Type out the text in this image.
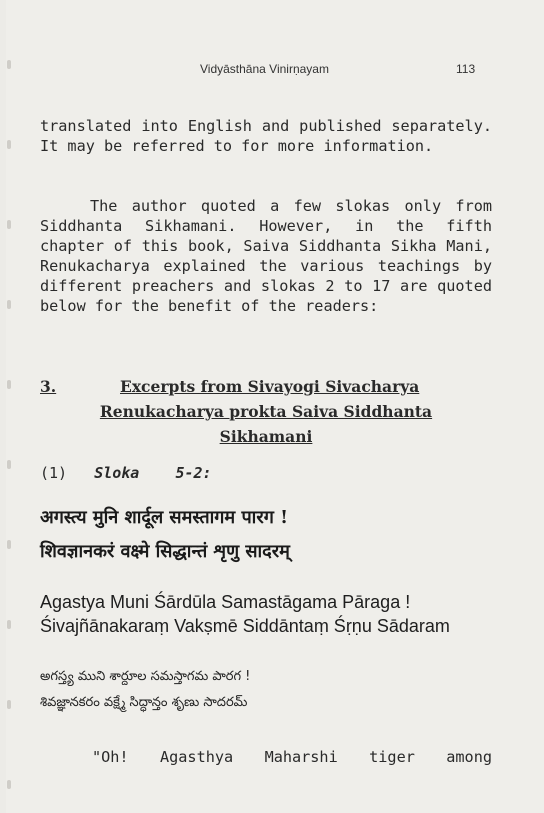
Vidyāsthāna Vinirṇayam	113

translated into English and published separately. It may be referred to for more information.

The author quoted a few slokas only from Siddhanta Sikhamani. However, in the fifth chapter of this book, Saiva Siddhanta Sikha Mani, Renukacharya explained the various teachings by different preachers and slokas 2 to 17 are quoted below for the benefit of the readers:

3.	Excerpts from Sivayogi Sivacharya
Renukacharya prokta Saiva Siddhanta
Sikhamani
(1) Sloka 5-2:
अगस्त्य मुनि शार्दूल समस्तागम पारग !
शिवज्ञानकरं वक्ष्मे सिद्धान्तं शृणु सादरम्
Agastya Muni Śārdūla Samastāgama Pāraga !
Śivajñānakaraṃ Vakṣmē Siddāntaṃ Śṛṇu Sādaram
అగస్త్య ముని శార్దూల సమస్తాగమ పారగ !
శివజ్ఞానకరం వక్ష్మే సిద్ధాన్తం శృణు సాదరమ్
"Oh! Agasthya Maharshi tiger among
